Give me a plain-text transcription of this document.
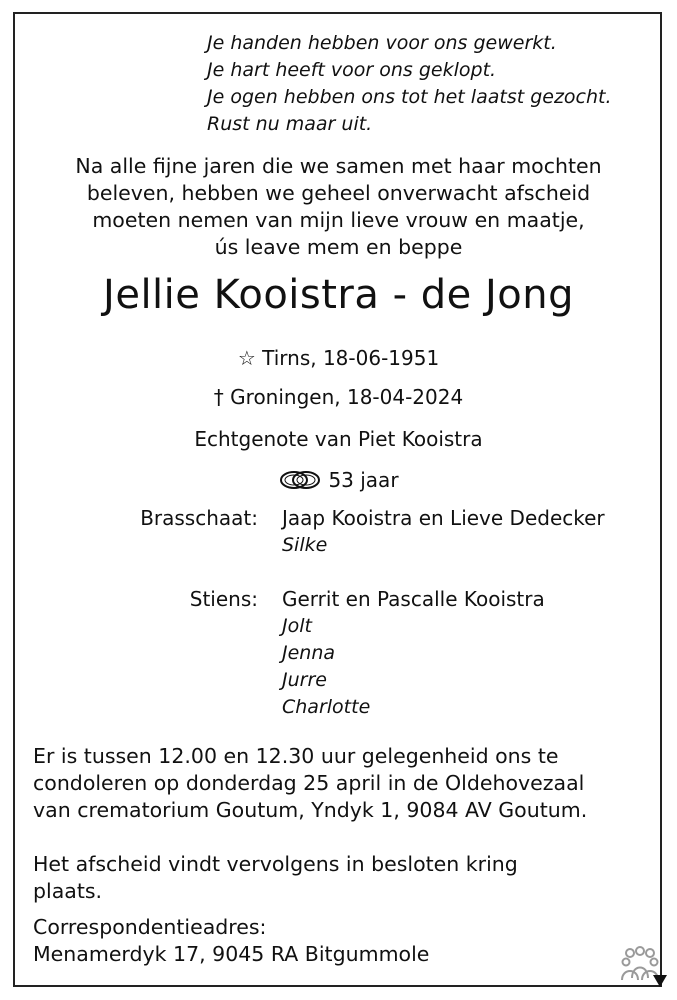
Je handen hebben voor ons gewerkt.
Je hart heeft voor ons geklopt.
Je ogen hebben ons tot het laatst gezocht.
Rust nu maar uit.
Na alle fijne jaren die we samen met haar mochten
beleven, hebben we geheel onverwacht afscheid
moeten nemen van mijn lieve vrouw en maatje,
ús leave mem en beppe
Jellie Kooistra - de Jong
☆ Tirns, 18-06-1951
† Groningen, 18-04-2024
Echtgenote van Piet Kooistra
53 jaar
Brasschaat: Jaap Kooistra en Lieve Dedecker
Silke
Stiens: Gerrit en Pascalle Kooistra
Jolt
Jenna
Jurre
Charlotte
Er is tussen 12.00 en 12.30 uur gelegenheid ons te
condoleren op donderdag 25 april in de Oldehovezaal
van crematorium Goutum, Yndyk 1, 9084 AV Goutum.
Het afscheid vindt vervolgens in besloten kring
plaats.
Correspondentieadres:
Menamerdyk 17, 9045 RA Bitgummole
